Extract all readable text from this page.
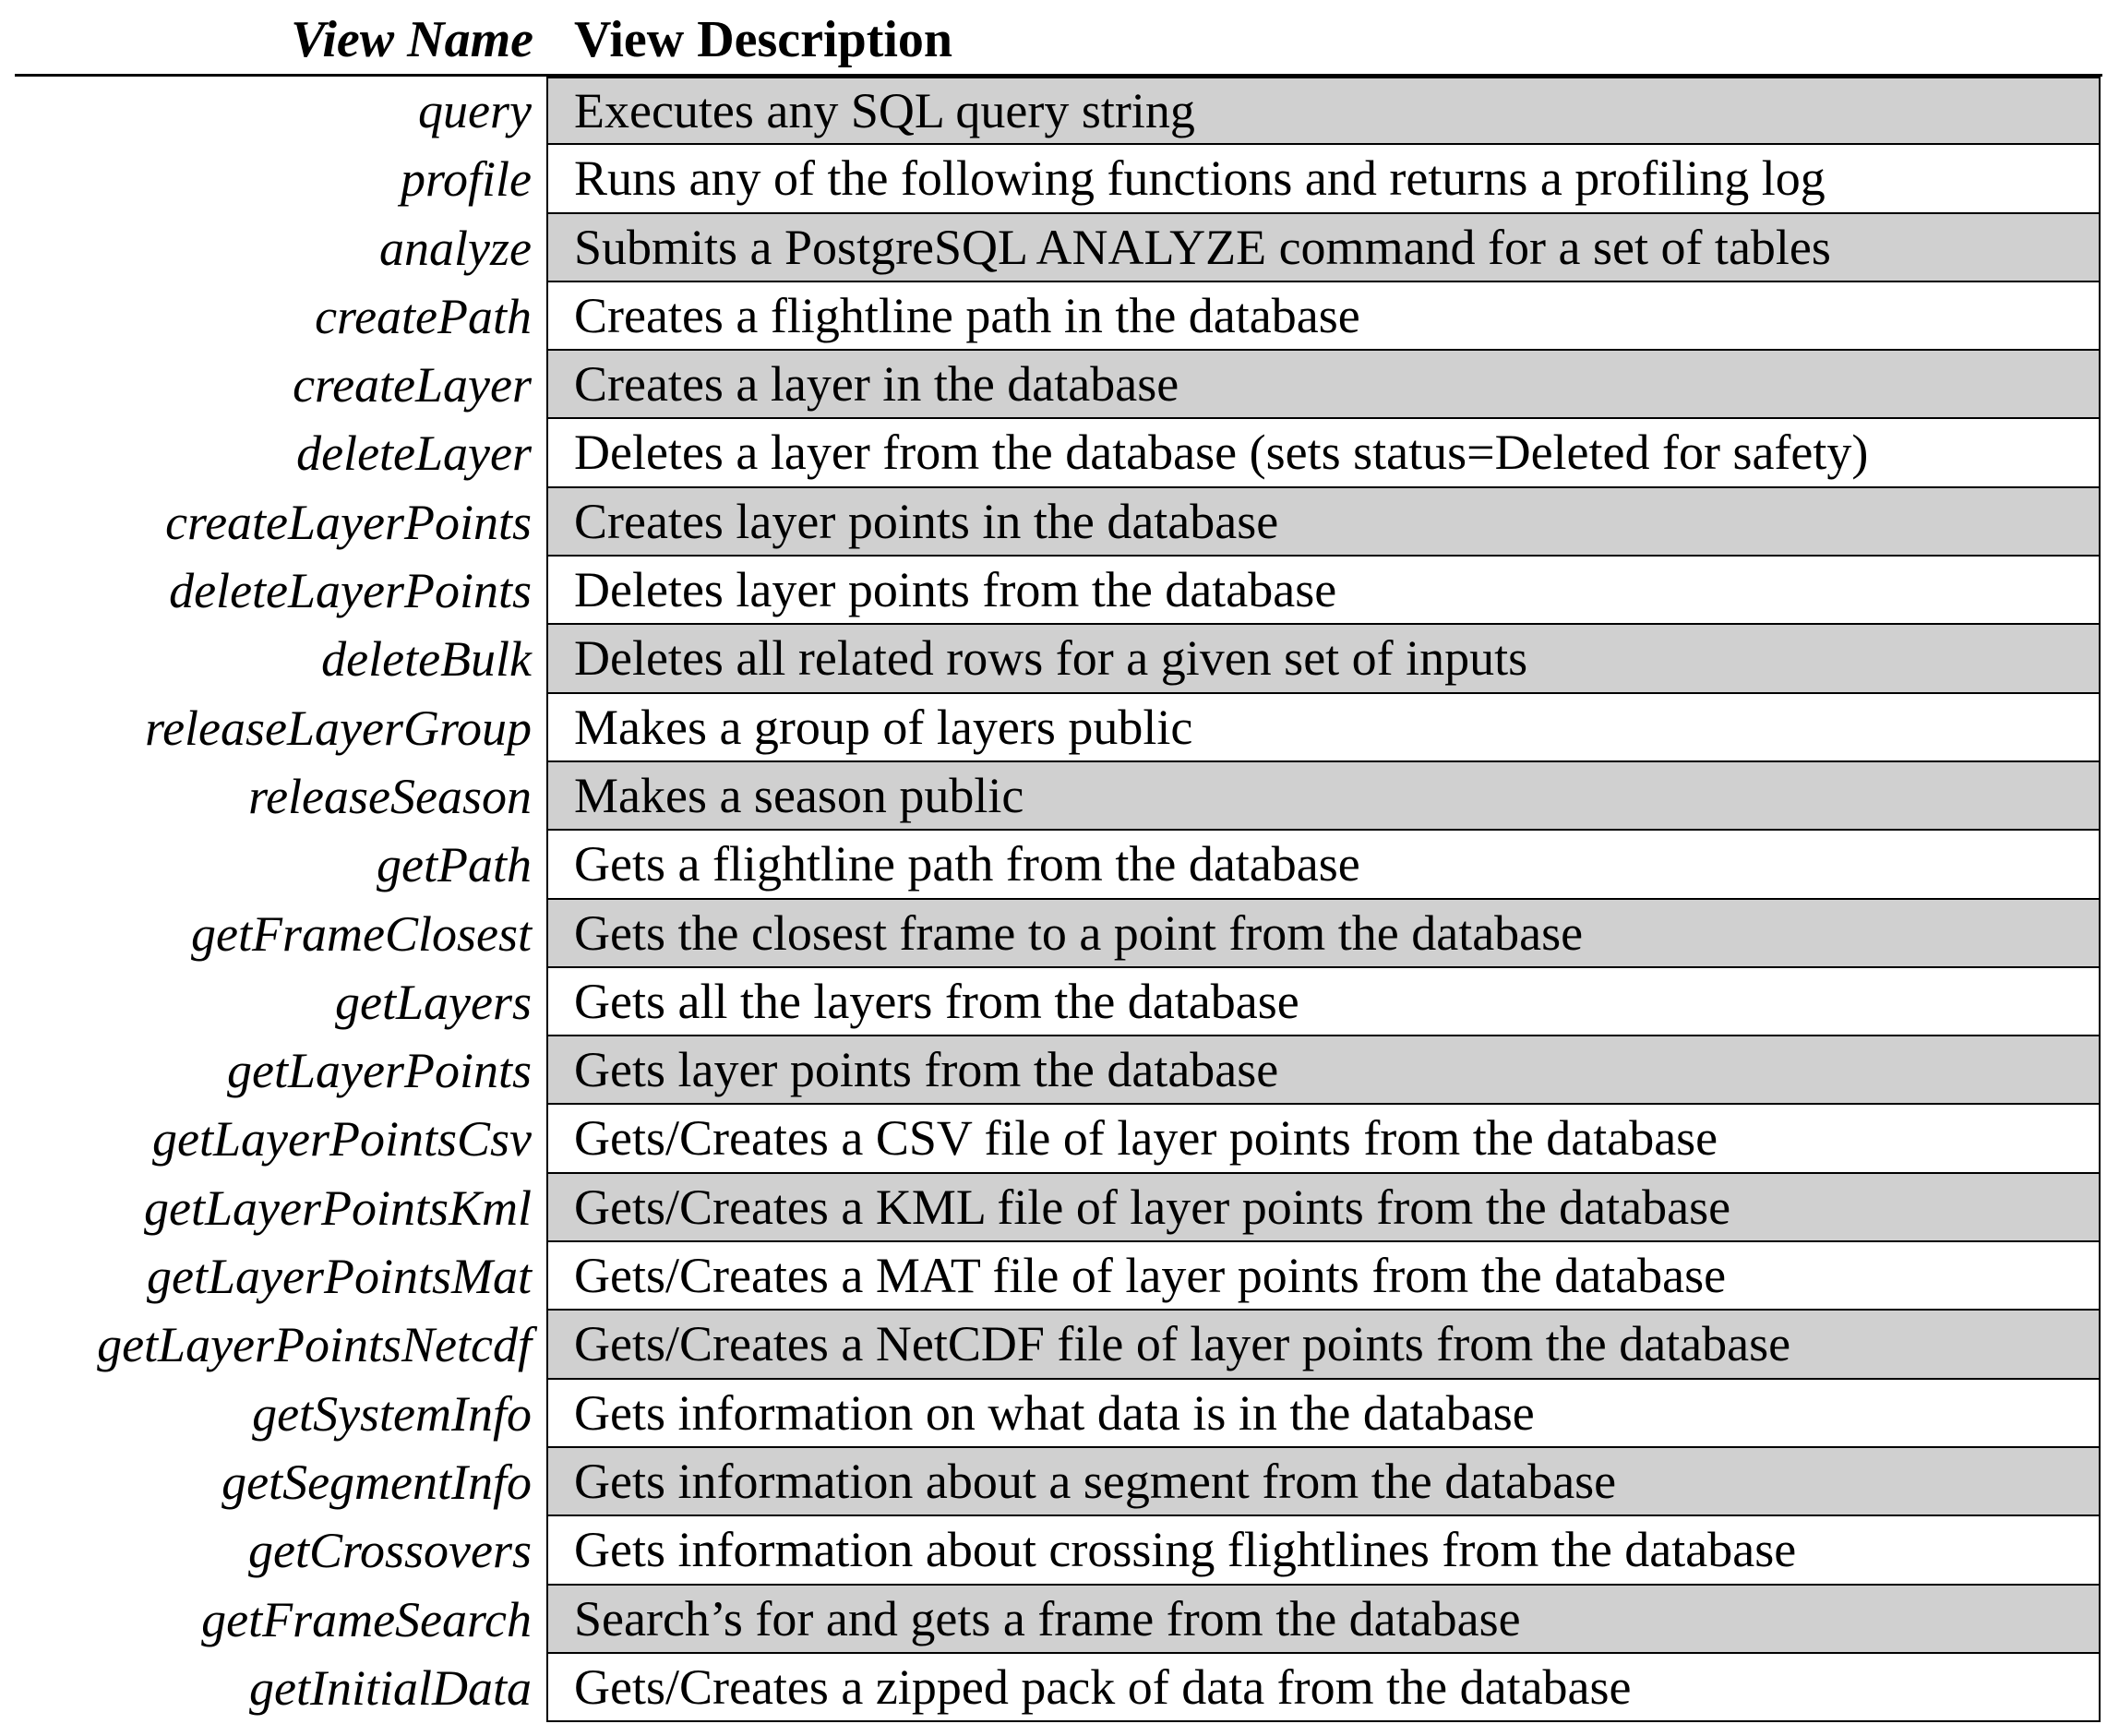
View Name View Description
query Executes any SQL query string
profile Runs any of the following functions and returns a profiling log
analyze Submits a PostgreSQL ANALYZE command for a set of tables
createPath Creates a flightline path in the database
createLayer Creates a layer in the database
deleteLayer Deletes a layer from the database (sets status=Deleted for safety)
createLayerPoints Creates layer points in the database
deleteLayerPoints Deletes layer points from the database
deleteBulk Deletes all related rows for a given set of inputs
releaseLayerGroup Makes a group of layers public
releaseSeason Makes a season public
getPath Gets a flightline path from the database
getFrameClosest Gets the closest frame to a point from the database
getLayers Gets all the layers from the database
getLayerPoints Gets layer points from the database
getLayerPointsCsv Gets/Creates a CSV file of layer points from the database
getLayerPointsKml Gets/Creates a KML file of layer points from the database
getLayerPointsMat Gets/Creates a MAT file of layer points from the database
getLayerPointsNetcdf Gets/Creates a NetCDF file of layer points from the database
getSystemInfo Gets information on what data is in the database
getSegmentInfo Gets information about a segment from the database
getCrossovers Gets information about crossing flightlines from the database
getFrameSearch Search’s for and gets a frame from the database
getInitialData Gets/Creates a zipped pack of data from the database
